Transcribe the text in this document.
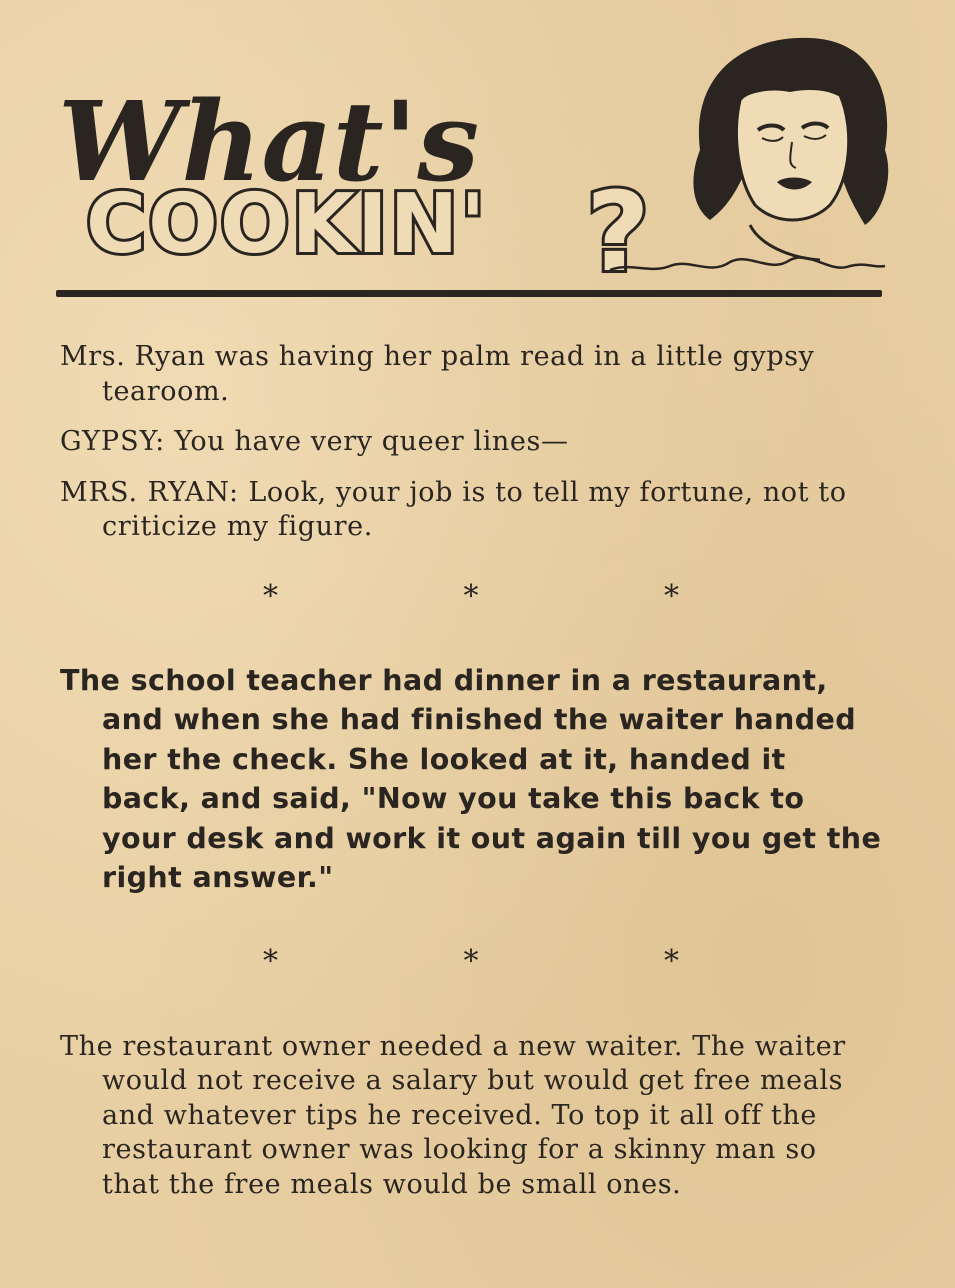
What's
COOKIN' ?

Mrs. Ryan was having her palm read in a little gypsy tearoom.

GYPSY: You have very queer lines—

MRS. RYAN: Look, your job is to tell my fortune, not to criticize my figure.

* * *

The school teacher had dinner in a restaurant, and when she had finished the waiter handed her the check. She looked at it, handed it back, and said, "Now you take this back to your desk and work it out again till you get the right answer."

* * *

The restaurant owner needed a new waiter. The waiter would not receive a salary but would get free meals and whatever tips he received. To top it all off the restaurant owner was looking for a skinny man so that the free meals would be small ones.
